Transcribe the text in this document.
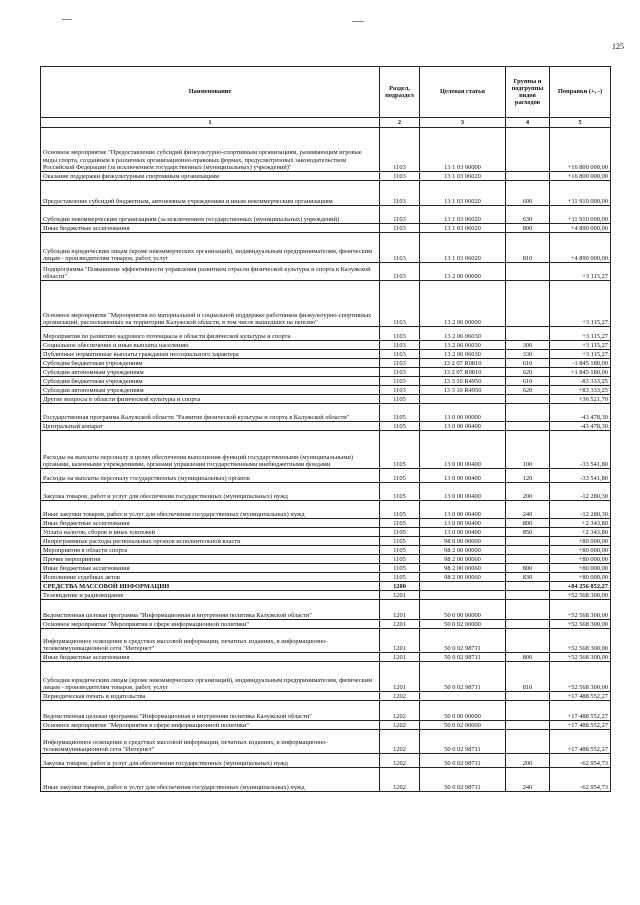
125
Наименование	Раздел, подраздел	Целевая статья	Группы и подгруппы видов расходов	Поправки (+, -)
1	2	3	4	5
Основное мероприятие "Предоставление субсидий физкультурно-спортивным организациям, развивающим игровые виды спорта, созданным в различных организационно-правовых формах, предусмотренных законодательством Российской Федерации (за исключением государственных (муниципальных) учреждений)"	1103	13 1 03 00000		+16 800 000,00
Оказание поддержки физкультурным спортивным организациям	1103	13 1 03 06020		+16 800 000,00
Предоставление субсидий бюджетным, автономным учреждениям и иным некоммерческим организациям	1103	13 1 03 06020	600	+11 910 000,00
Субсидии некоммерческим организациям (за исключением государственных (муниципальных) учреждений)	1103	13 1 03 06020	630	+11 910 000,00
Иные бюджетные ассигнования	1103	13 1 03 06020	800	+4 890 000,00
Субсидии юридическим лицам (кроме некоммерческих организаций), индивидуальным предпринимателям, физическим лицам - производителям товаров, работ, услуг	1103	13 1 03 06020	810	+4 890 000,00
Подпрограмма "Повышение эффективности управления развитием отрасли физической культуры и спорта в Калужской области"	1103	13 2 00 00000		+3 115,27
Основное мероприятие "Мероприятия по материальной и социальной поддержке работников физкультурно-спортивных организаций, расположенных на территории Калужской области, в том числе вышедших на пенсию"	1103	13 2 06 00000		+3 115,27
Мероприятия по развитию кадрового потенциала в области физической культуры и спорта	1103	13 2 06 06030		+3 115,27
Социальное обеспечение и иные выплаты населению	1103	13 2 06 06030	300	+3 115,27
Публичные нормативные выплаты гражданам несоциального характера	1103	13 2 06 06030	330	+3 115,27
Субсидии бюджетным учреждениям	1103	13 2 07 R0810	610	-1 845 180,00
Субсидии автономным учреждениям	1103	13 2 07 R0810	620	+1 845 180,00
Субсидии бюджетным учреждениям	1103	13 3 10 R4950	610	-83 333,25
Субсидии автономным учреждениям	1103	13 3 10 R4950	620	+83 333,25
Другие вопросы в области физической культуры и спорта	1105			+36 521,70
Государственная программа Калужской области "Развитие физической культуры и спорта в Калужской области"	1105	13 0 00 00000		-43 478,30
Центральный аппарат	1105	13 0 00 00400		-43 478,30
Расходы на выплаты персоналу в целях обеспечения выполнения функций государственными (муниципальными) органами, казенными учреждениями, органами управления государственными внебюджетными фондами	1105	13 0 00 00400	100	-33 541,80
Расходы на выплаты персоналу государственных (муниципальных) органов	1105	13 0 00 00400	120	-33 541,80
Закупка товаров, работ и услуг для обеспечения государственных (муниципальных) нужд	1105	13 0 00 00400	200	-12 280,30
Иные закупки товаров, работ и услуг для обеспечения государственных (муниципальных) нужд	1105	13 0 00 00400	240	-12 280,30
Иные бюджетные ассигнования	1105	13 0 00 00400	800	+2 343,80
Уплата налогов, сборов и иных платежей	1105	13 0 00 00400	850	+2 343,80
Непрограммные расходы региональных органов исполнительной власти	1105	98 0 00 00000		+80 000,00
Мероприятия в области спорта	1105	98 2 00 00000		+80 000,00
Прочие мероприятия	1105	98 2 00 00060		+80 000,00
Иные бюджетные ассигнования	1105	98 2 00 00060	800	+80 000,00
Исполнение судебных актов	1105	98 2 00 00060	830	+80 000,00
СРЕДСТВА МАССОВОЙ ИНФОРМАЦИИ	1200			+84 256 852,27
Телевидение и радиовещание	1201			+52 568 300,00
Ведомственная целевая программа "Информационная и внутренняя политика Калужской области"	1201	50 0 00 00000		+52 568 300,00
Основное мероприятие "Мероприятия в сфере информационной политики"	1201	50 0 02 00000		+52 568 300,00
Информационное освещение в средствах массовой информации, печатных изданиях, в информационно-телекоммуникационной сети "Интернет"	1201	50 0 02 98711		+52 568 300,00
Иные бюджетные ассигнования	1201	50 0 02 98711	800	+52 568 300,00
Субсидии юридическим лицам (кроме некоммерческих организаций), индивидуальным предпринимателям, физическим лицам - производителям товаров, работ, услуг	1201	50 0 02 98711	810	+52 568 300,00
Периодическая печать и издательства	1202			+17 488 552,27
Ведомственная целевая программа "Информационная и внутренняя политика Калужской области"	1202	50 0 00 00000		+17 488 552,27
Основное мероприятие "Мероприятия в сфере информационной политики"	1202	50 0 02 00000		+17 488 552,27
Информационное освещение в средствах массовой информации, печатных изданиях, в информационно-телекоммуникационной сети "Интернет"	1202	50 0 02 98711		+17 488 552,27
Закупка товаров, работ и услуг для обеспечения государственных (муниципальных) нужд	1202	50 0 02 98711	200	-62 954,73
Иные закупки товаров, работ и услуг для обеспечения государственных (муниципальных) нужд	1202	50 0 02 98711	240	-62 954,73
